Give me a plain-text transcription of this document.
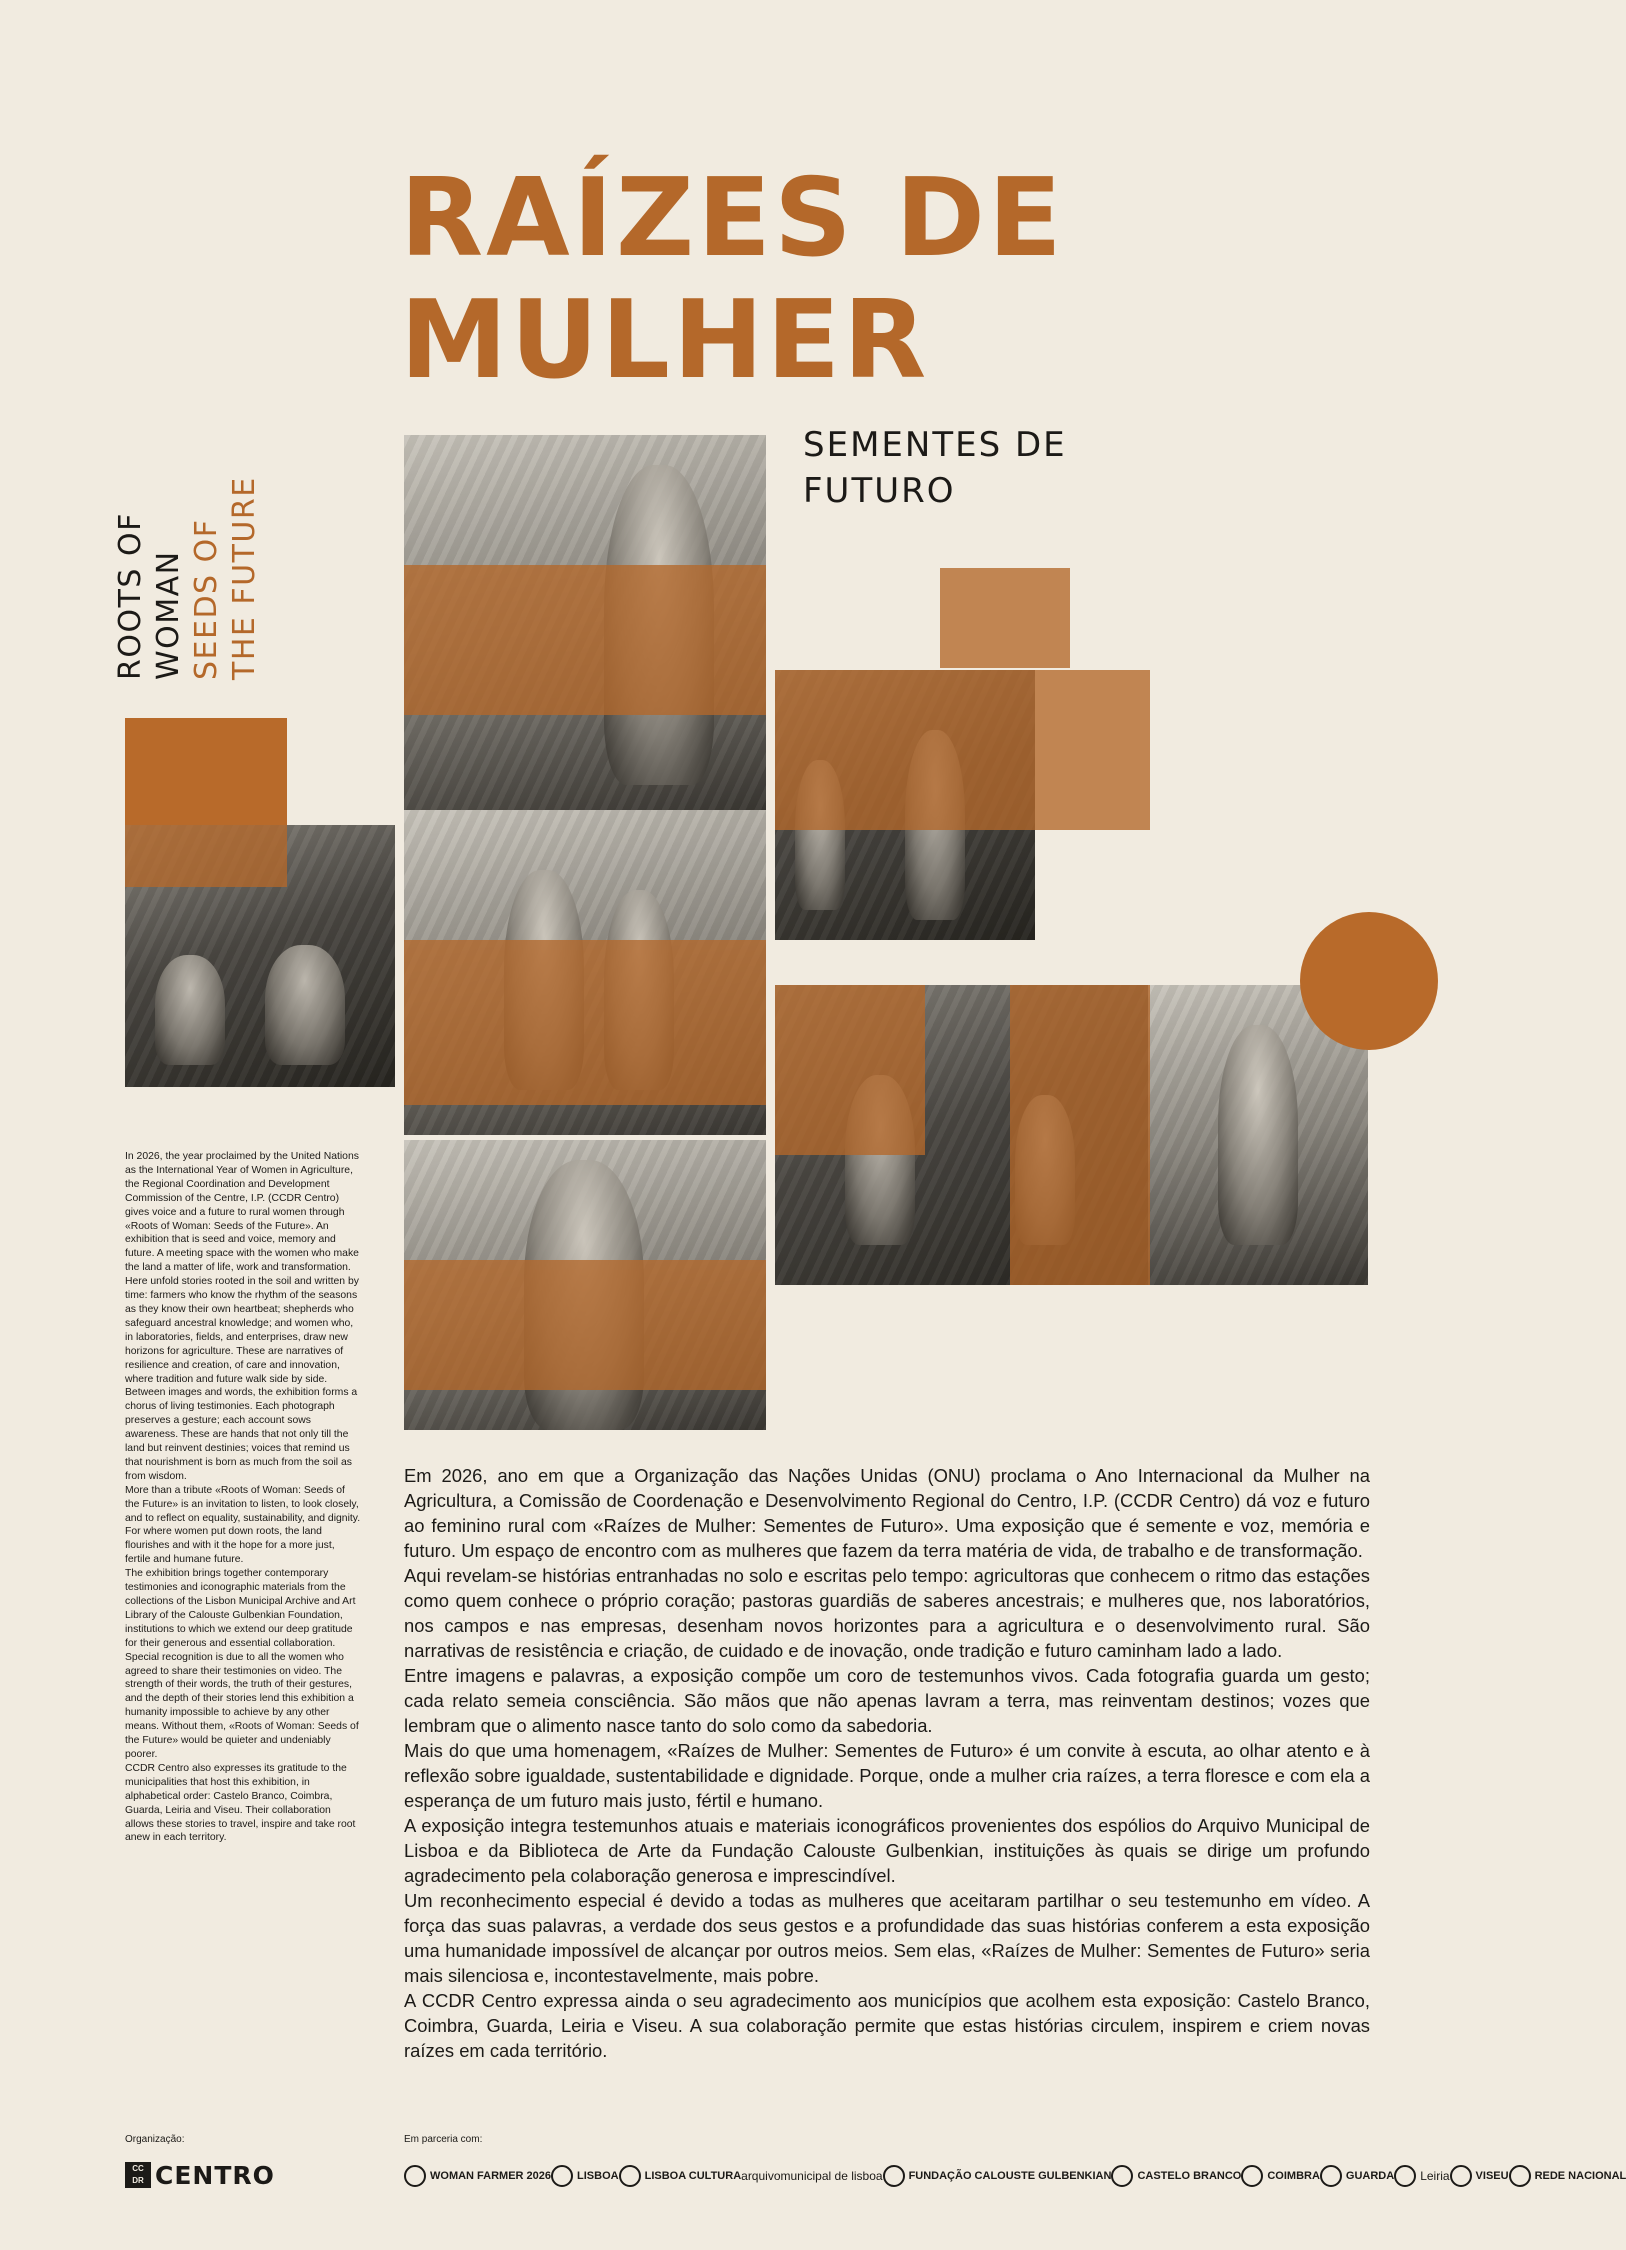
RAÍZES DE
MULHER
SEMENTES DE
FUTURO
ROOTS OF WOMAN SEEDS OF THE FUTURE

In 2026, the year proclaimed by the United Nations as the International Year of Women in Agriculture, the Regional Coordination and Development Commission of the Centre, I.P. (CCDR Centro) gives voice and a future to rural women through «Roots of Woman: Seeds of the Future». An exhibition that is seed and voice, memory and future. A meeting space with the women who make the land a matter of life, work and transformation.

Here unfold stories rooted in the soil and written by time: farmers who know the rhythm of the seasons as they know their own heartbeat; shepherds who safeguard ancestral knowledge; and women who, in laboratories, fields, and enterprises, draw new horizons for agriculture. These are narratives of resilience and creation, of care and innovation, where tradition and future walk side by side.

Between images and words, the exhibition forms a chorus of living testimonies. Each photograph preserves a gesture; each account sows awareness. These are hands that not only till the land but reinvent destinies; voices that remind us that nourishment is born as much from the soil as from wisdom.

More than a tribute «Roots of Woman: Seeds of the Future» is an invitation to listen, to look closely, and to reflect on equality, sustainability, and dignity. For where women put down roots, the land flourishes and with it the hope for a more just, fertile and humane future.

The exhibition brings together contemporary testimonies and iconographic materials from the collections of the Lisbon Municipal Archive and Art Library of the Calouste Gulbenkian Foundation, institutions to which we extend our deep gratitude for their generous and essential collaboration.

Special recognition is due to all the women who agreed to share their testimonies on video. The strength of their words, the truth of their gestures, and the depth of their stories lend this exhibition a humanity impossible to achieve by any other means. Without them, «Roots of Woman: Seeds of the Future» would be quieter and undeniably poorer.

CCDR Centro also expresses its gratitude to the municipalities that host this exhibition, in alphabetical order: Castelo Branco, Coimbra, Guarda, Leiria and Viseu. Their collaboration allows these stories to travel, inspire and take root anew in each territory.

Em 2026, ano em que a Organização das Nações Unidas (ONU) proclama o Ano Internacional da Mulher na Agricultura, a Comissão de Coordenação e Desenvolvimento Regional do Centro, I.P. (CCDR Centro) dá voz e futuro ao feminino rural com «Raízes de Mulher: Sementes de Futuro». Uma exposição que é semente e voz, memória e futuro. Um espaço de encontro com as mulheres que fazem da terra matéria de vida, de trabalho e de transformação.

Aqui revelam-se histórias entranhadas no solo e escritas pelo tempo: agricultoras que conhecem o ritmo das estações como quem conhece o próprio coração; pastoras guardiãs de saberes ancestrais; e mulheres que, nos laboratórios, nos campos e nas empresas, desenham novos horizontes para a agricultura e o desenvolvimento rural. São narrativas de resistência e criação, de cuidado e de inovação, onde tradição e futuro caminham lado a lado.

Entre imagens e palavras, a exposição compõe um coro de testemunhos vivos. Cada fotografia guarda um gesto; cada relato semeia consciência. São mãos que não apenas lavram a terra, mas reinventam destinos; vozes que lembram que o alimento nasce tanto do solo como da sabedoria.

Mais do que uma homenagem, «Raízes de Mulher: Sementes de Futuro» é um convite à escuta, ao olhar atento e à reflexão sobre igualdade, sustentabilidade e dignidade. Porque, onde a mulher cria raízes, a terra floresce e com ela a esperança de um futuro mais justo, fértil e humano.

A exposição integra testemunhos atuais e materiais iconográficos provenientes dos espólios do Arquivo Municipal de Lisboa e da Biblioteca de Arte da Fundação Calouste Gulbenkian, instituições às quais se dirige um profundo agradecimento pela colaboração generosa e imprescindível.

Um reconhecimento especial é devido a todas as mulheres que aceitaram partilhar o seu testemunho em vídeo. A força das suas palavras, a verdade dos seus gestos e a profundidade das suas histórias conferem a esta exposição uma humanidade impossível de alcançar por outros meios. Sem elas, «Raízes de Mulher: Sementes de Futuro» seria mais silenciosa e, incontestavelmente, mais pobre.

A CCDR Centro expressa ainda o seu agradecimento aos municípios que acolhem esta exposição: Castelo Branco, Coimbra, Guarda, Leiria e Viseu. A sua colaboração permite que estas histórias circulem, inspirem e criem novas raízes em cada território.

Organização:
CC
DR CENTRO
Em parceria com:
WOMAN FARMER 2026 LISBOA LISBOA CULTURA arquivomunicipal de lisboa FUNDAÇÃO CALOUSTE GULBENKIAN CASTELO BRANCO COIMBRA GUARDA Leiria VISEU REDE NACIONAL
